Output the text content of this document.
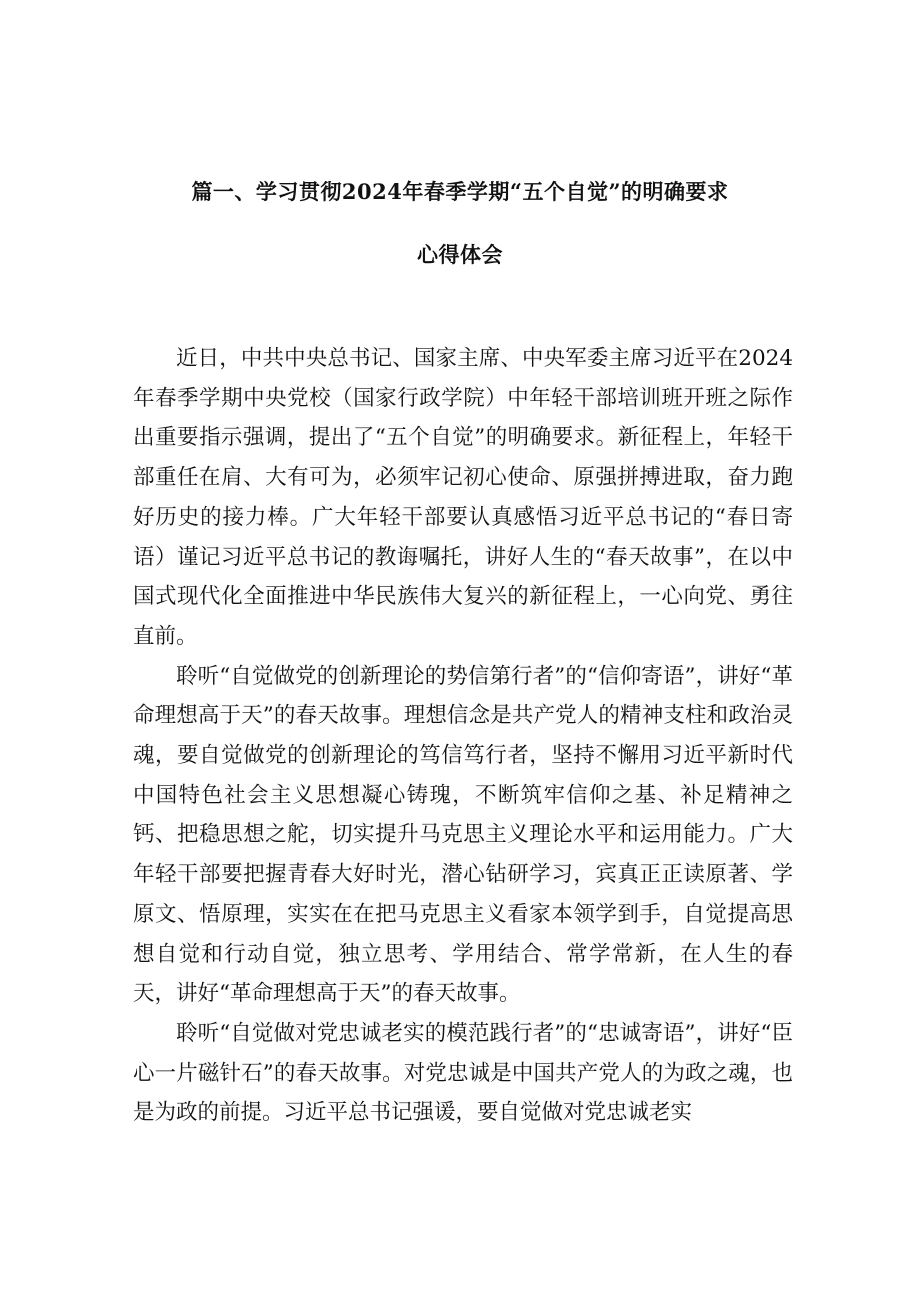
篇一、学习贯彻2024年春季学期“五个自觉”的明确要求
心得体会

近日，中共中央总书记、国家主席、中央军委主席习近平在2024年春季学期中央党校（国家行政学院）中年轻干部培训班开班之际作出重要指示强调，提出了“五个自觉”的明确要求。新征程上，年轻干部重任在肩、大有可为，必须牢记初心使命、原强拼搏进取，奋力跑好历史的接力棒。广大年轻干部要认真感悟习近平总书记的“春日寄语）谨记习近平总书记的教诲嘱托，讲好人生的“春天故事”，在以中国式现代化全面推进中华民族伟大复兴的新征程上，一心向党、勇往直前。

聆听“自觉做党的创新理论的势信第行者”的“信仰寄语”，讲好“革命理想高于天”的春天故事。理想信念是共产党人的精神支柱和政治灵魂，要自觉做党的创新理论的笃信笃行者，坚持不懈用习近平新时代中国特色社会主义思想凝心铸瑰，不断筑牢信仰之基、补足精神之钙、把稳思想之舵，切实提升马克思主义理论水平和运用能力。广大年轻干部要把握青春大好时光，潜心钻研学习，宾真正正读原著、学原文、悟原理，实实在在把马克思主义看家本领学到手，自觉提高思想自觉和行动自觉，独立思考、学用结合、常学常新，在人生的春天，讲好“革命理想高于天”的春天故事。

聆听“自觉做对党忠诚老实的模范践行者”的“忠诚寄语”，讲好“臣心一片磁针石”的春天故事。对党忠诚是中国共产党人的为政之魂，也是为政的前提。习近平总书记强谖，要自觉做对党忠诚老实
